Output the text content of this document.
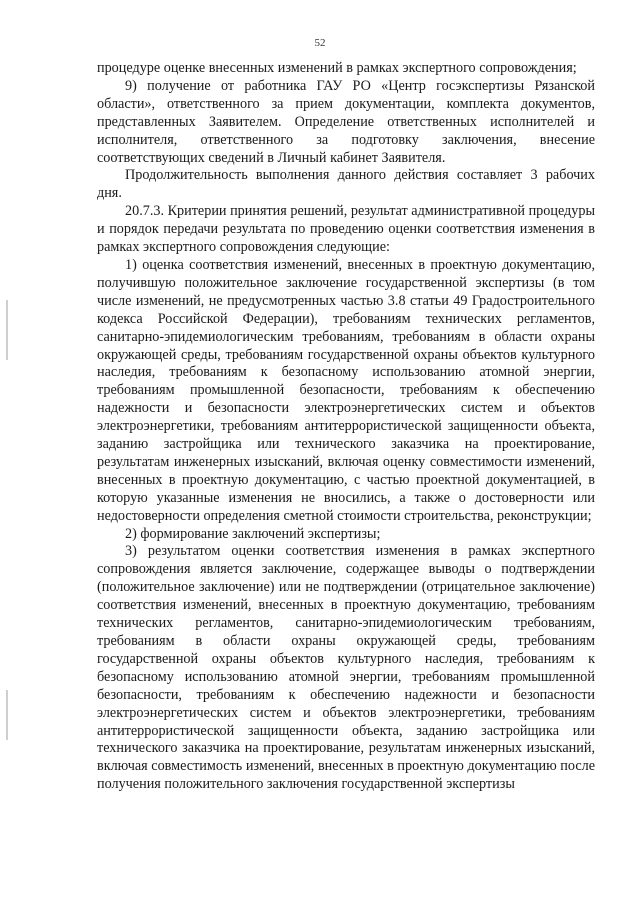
52

процедуре оценке внесенных изменений в рамках экспертного сопровождения;

9) получение от работника ГАУ РО «Центр госэкспертизы Рязанской области», ответственного за прием документации, комплекта документов, представленных Заявителем. Определение ответственных исполнителей и исполнителя, ответственного за подготовку заключения, внесение соответствующих сведений в Личный кабинет Заявителя.

Продолжительность выполнения данного действия составляет 3 рабочих дня.

20.7.3. Критерии принятия решений, результат административной процедуры и порядок передачи результата по проведению оценки соответствия изменения в рамках экспертного сопровождения следующие:

1) оценка соответствия изменений, внесенных в проектную документацию, получившую положительное заключение государственной экспертизы (в том числе изменений, не предусмотренных частью 3.8 статьи 49 Градостроительного кодекса Российской Федерации), требованиям технических регламентов, санитарно-эпидемиологическим требованиям, требованиям в области охраны окружающей среды, требованиям государственной охраны объектов культурного наследия, требованиям к безопасному использованию атомной энергии, требованиям промышленной безопасности, требованиям к обеспечению надежности и безопасности электроэнергетических систем и объектов электроэнергетики, требованиям антитеррористической защищенности объекта, заданию застройщика или технического заказчика на проектирование, результатам инженерных изысканий, включая оценку совместимости изменений, внесенных в проектную документацию, с частью проектной документацией, в которую указанные изменения не вносились, а также о достоверности или недостоверности определения сметной стоимости строительства, реконструкции;

2) формирование заключений экспертизы;

3) результатом оценки соответствия изменения в рамках экспертного сопровождения является заключение, содержащее выводы о подтверждении (положительное заключение) или не подтверждении (отрицательное заключение) соответствия изменений, внесенных в проектную документацию, требованиям технических регламентов, санитарно-эпидемиологическим требованиям, требованиям в области охраны окружающей среды, требованиям государственной охраны объектов культурного наследия, требованиям к безопасному использованию атомной энергии, требованиям промышленной безопасности, требованиям к обеспечению надежности и безопасности электроэнергетических систем и объектов электроэнергетики, требованиям антитеррористической защищенности объекта, заданию застройщика или технического заказчика на проектирование, результатам инженерных изысканий, включая совместимость изменений, внесенных в проектную документацию после получения положительного заключения государственной экспертизы
